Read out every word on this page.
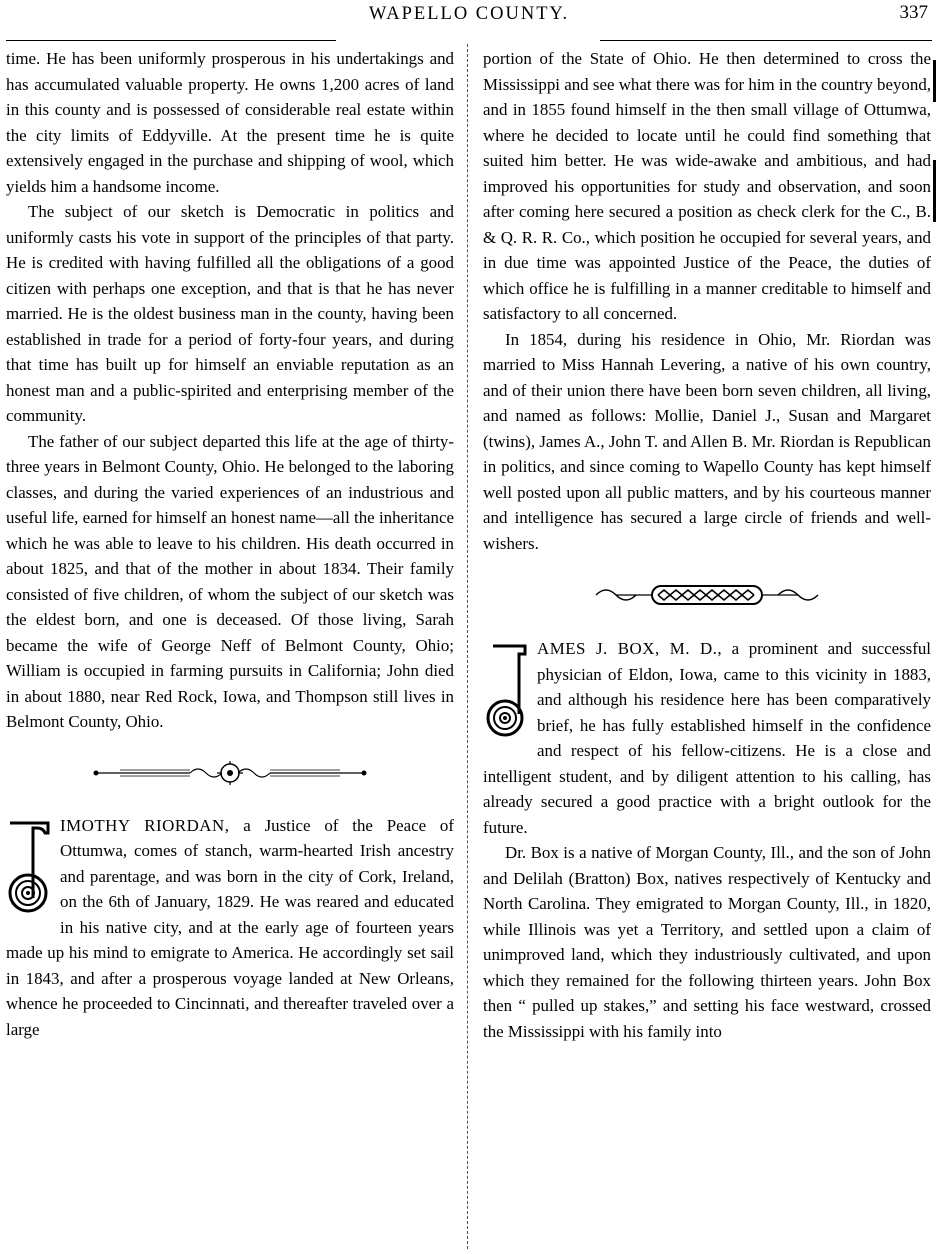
WAPELLO COUNTY.	337

time. He has been uniformly prosperous in his undertakings and has accumulated valuable property. He owns 1,200 acres of land in this county and is possessed of considerable real estate within the city limits of Eddyville. At the present time he is quite extensively engaged in the purchase and shipping of wool, which yields him a handsome income.

The subject of our sketch is Democratic in politics and uniformly casts his vote in support of the principles of that party. He is credited with having fulfilled all the obligations of a good citizen with perhaps one exception, and that is that he has never married. He is the oldest business man in the county, having been established in trade for a period of forty-four years, and during that time has built up for himself an enviable reputation as an honest man and a public-spirited and enterprising member of the community.

The father of our subject departed this life at the age of thirty-three years in Belmont County, Ohio. He belonged to the laboring classes, and during the varied experiences of an industrious and useful life, earned for himself an honest name—all the inheritance which he was able to leave to his children. His death occurred in about 1825, and that of the mother in about 1834. Their family consisted of five children, of whom the subject of our sketch was the eldest born, and one is deceased. Of those living, Sarah became the wife of George Neff of Belmont County, Ohio; William is occupied in farming pursuits in California; John died in about 1880, near Red Rock, Iowa, and Thompson still lives in Belmont County, Ohio.

IMOTHY RIORDAN, a Justice of the Peace of Ottumwa, comes of stanch, warm-hearted Irish ancestry and parentage, and was born in the city of Cork, Ireland, on the 6th of January, 1829. He was reared and educated in his native city, and at the early age of fourteen years made up his mind to emigrate to America. He accordingly set sail in 1843, and after a prosperous voyage landed at New Orleans, whence he proceeded to Cincinnati, and thereafter traveled over a large

portion of the State of Ohio. He then determined to cross the Mississippi and see what there was for him in the country beyond, and in 1855 found himself in the then small village of Ottumwa, where he decided to locate until he could find something that suited him better. He was wide-awake and ambitious, and had improved his opportunities for study and observation, and soon after coming here secured a position as check clerk for the C., B. & Q. R. R. Co., which position he occupied for several years, and in due time was appointed Justice of the Peace, the duties of which office he is fulfilling in a manner creditable to himself and satisfactory to all concerned.

In 1854, during his residence in Ohio, Mr. Riordan was married to Miss Hannah Levering, a native of his own country, and of their union there have been born seven children, all living, and named as follows: Mollie, Daniel J., Susan and Margaret (twins), James A., John T. and Allen B. Mr. Riordan is Republican in politics, and since coming to Wapello County has kept himself well posted upon all public matters, and by his courteous manner and intelligence has secured a large circle of friends and well-wishers.

AMES J. BOX, M. D., a prominent and successful physician of Eldon, Iowa, came to this vicinity in 1883, and although his residence here has been comparatively brief, he has fully established himself in the confidence and respect of his fellow-citizens. He is a close and intelligent student, and by diligent attention to his calling, has already secured a good practice with a bright outlook for the future.

Dr. Box is a native of Morgan County, Ill., and the son of John and Delilah (Bratton) Box, natives respectively of Kentucky and North Carolina. They emigrated to Morgan County, Ill., in 1820, while Illinois was yet a Territory, and settled upon a claim of unimproved land, which they industriously cultivated, and upon which they remained for the following thirteen years. John Box then “ pulled up stakes,” and setting his face westward, crossed the Mississippi with his family into
